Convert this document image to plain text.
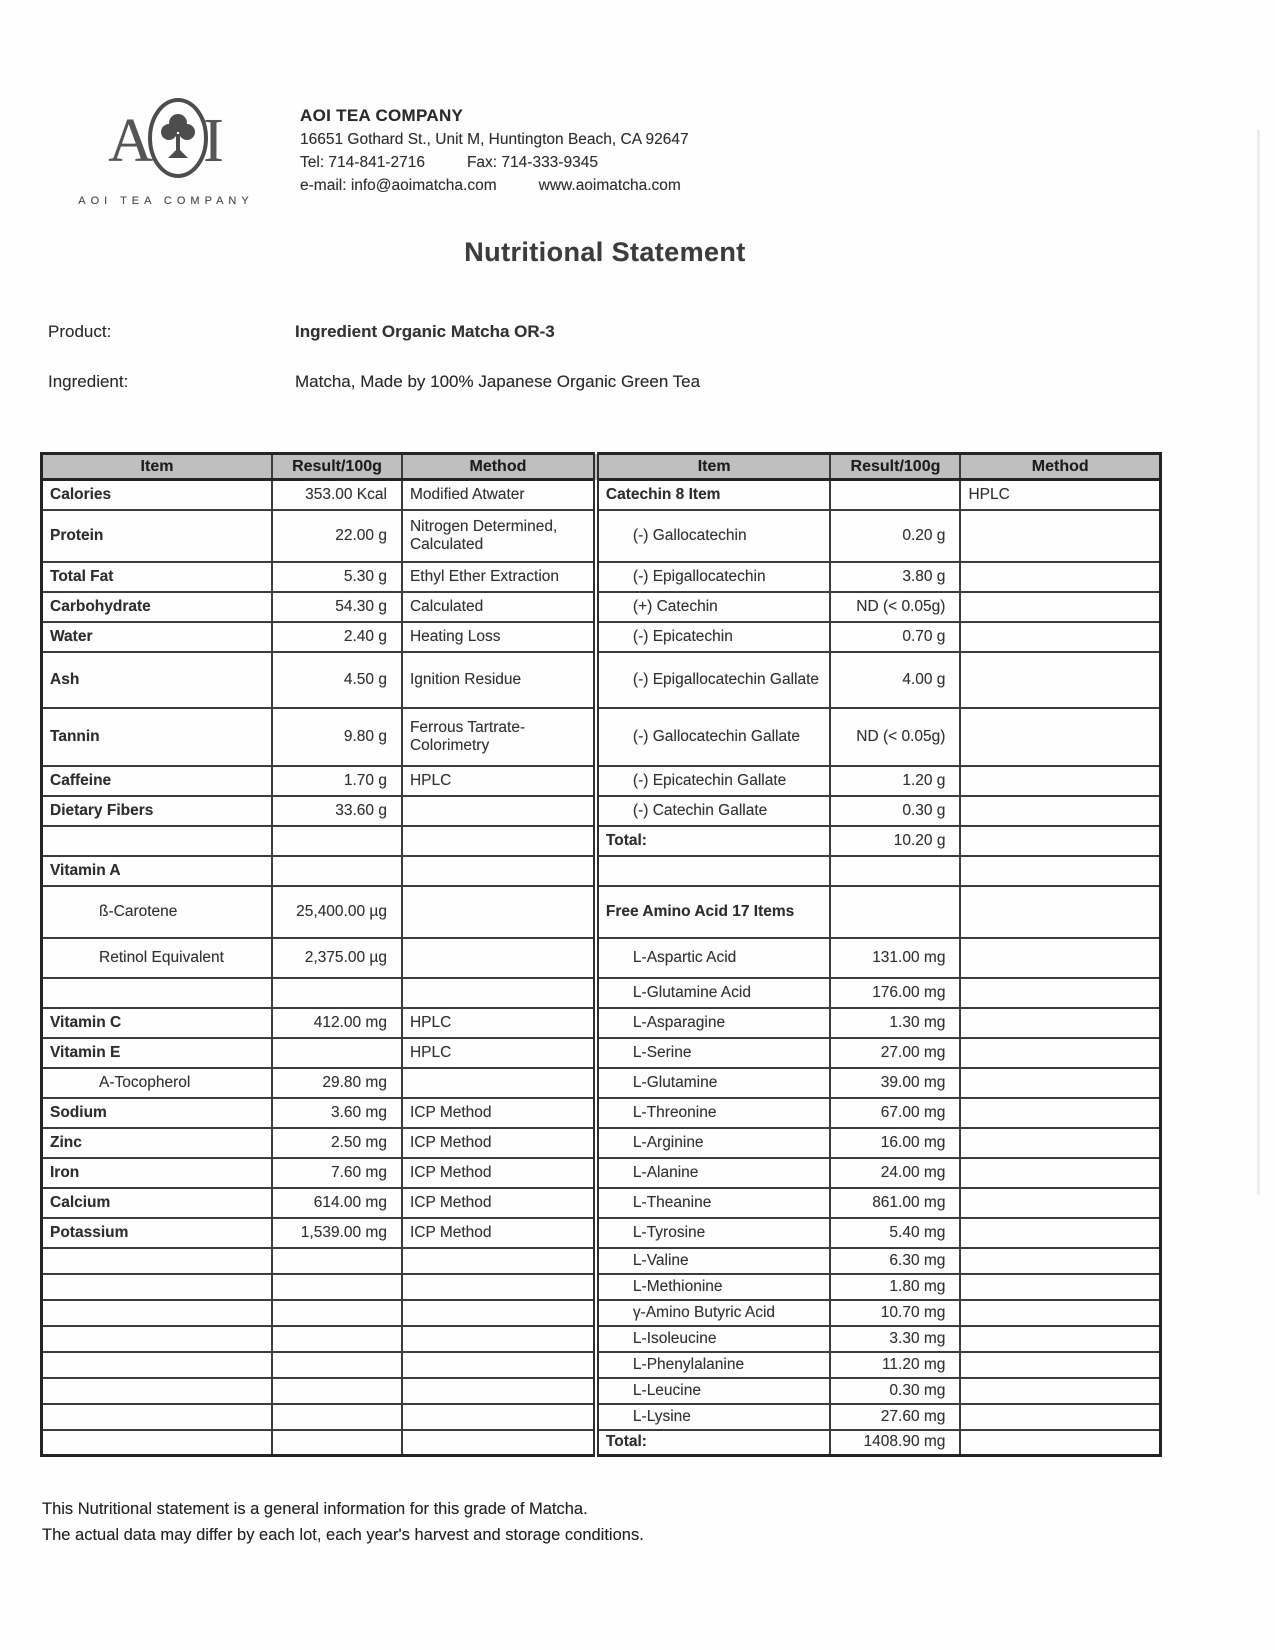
A I
AOI TEA COMPANY
AOI TEA COMPANY
16651 Gothard St., Unit M, Huntington Beach, CA 92647
Tel: 714-841-2716	Fax: 714-333-9345
e-mail: info@aoimatcha.com	www.aoimatcha.com
Nutritional Statement
Product:	Ingredient Organic Matcha OR-3
Ingredient:	Matcha, Made by 100% Japanese Organic Green Tea
Item	Result/100g	Method	Item	Result/100g	Method
Calories	353.00 Kcal	Modified Atwater	Catechin 8 Item		HPLC
Protein	22.00 g	Nitrogen Determined, Calculated	(-) Gallocatechin	0.20 g	
Total Fat	5.30 g	Ethyl Ether Extraction	(-) Epigallocatechin	3.80 g	
Carbohydrate	54.30 g	Calculated	(+) Catechin	ND (< 0.05g)	
Water	2.40 g	Heating Loss	(-) Epicatechin	0.70 g	
Ash	4.50 g	Ignition Residue	(-) Epigallocatechin Gallate	4.00 g	
Tannin	9.80 g	Ferrous Tartrate-Colorimetry	(-) Gallocatechin Gallate	ND (< 0.05g)	
Caffeine	1.70 g	HPLC	(-) Epicatechin Gallate	1.20 g	
Dietary Fibers	33.60 g		(-) Catechin Gallate	0.30 g	
			Total:	10.20 g	
Vitamin A					
ß-Carotene	25,400.00 µg		Free Amino Acid 17 Items		
Retinol Equivalent	2,375.00 µg		L-Aspartic Acid	131.00 mg	
			L-Glutamine Acid	176.00 mg	
Vitamin C	412.00 mg	HPLC	L-Asparagine	1.30 mg	
Vitamin E		HPLC	L-Serine	27.00 mg	
A-Tocopherol	29.80 mg		L-Glutamine	39.00 mg	
Sodium	3.60 mg	ICP Method	L-Threonine	67.00 mg	
Zinc	2.50 mg	ICP Method	L-Arginine	16.00 mg	
Iron	7.60 mg	ICP Method	L-Alanine	24.00 mg	
Calcium	614.00 mg	ICP Method	L-Theanine	861.00 mg	
Potassium	1,539.00 mg	ICP Method	L-Tyrosine	5.40 mg	
			L-Valine	6.30 mg	
			L-Methionine	1.80 mg	
			γ-Amino Butyric Acid	10.70 mg	
			L-Isoleucine	3.30 mg	
			L-Phenylalanine	11.20 mg	
			L-Leucine	0.30 mg	
			L-Lysine	27.60 mg	
			Total:	1408.90 mg	
This Nutritional statement is a general information for this grade of Matcha.
The actual data may differ by each lot, each year's harvest and storage conditions.
